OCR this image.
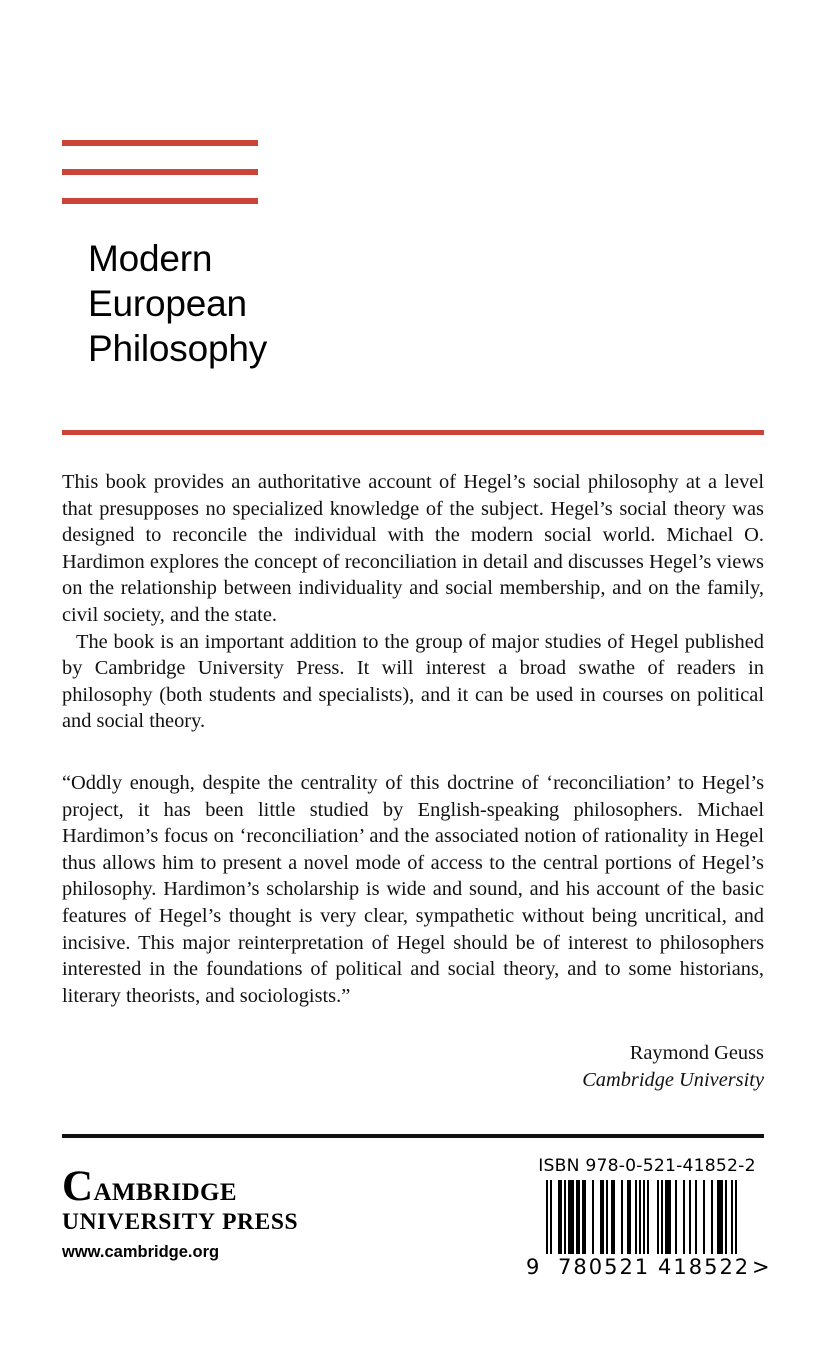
Modern
European
Philosophy

This book provides an authoritative account of Hegel’s social philosophy at a level that presupposes no specialized knowledge of the subject. Hegel’s social theory was designed to reconcile the individual with the modern social world. Michael O. Hardimon explores the concept of reconciliation in detail and discusses Hegel’s views on the relationship between individuality and social membership, and on the family, civil society, and the state.

The book is an important addition to the group of major studies of Hegel published by Cambridge University Press. It will interest a broad swathe of readers in philosophy (both students and specialists), and it can be used in courses on political and social theory.

“Oddly enough, despite the centrality of this doctrine of ‘reconciliation’ to Hegel’s project, it has been little studied by English-speaking philosophers. Michael Hardimon’s focus on ‘reconciliation’ and the associated notion of rationality in Hegel thus allows him to present a novel mode of access to the central portions of Hegel’s philosophy. Hardimon’s scholarship is wide and sound, and his account of the basic features of Hegel’s thought is very clear, sympathetic without being uncritical, and incisive. This major reinterpretation of Hegel should be of interest to philosophers interested in the foundations of political and social theory, and to some historians, literary theorists, and sociologists.”

Raymond Geuss
Cambridge University
Cambridge
UNIVERSITY PRESS
www.cambridge.org
ISBN 978-0-521-41852-2
9 780521 418522 >
